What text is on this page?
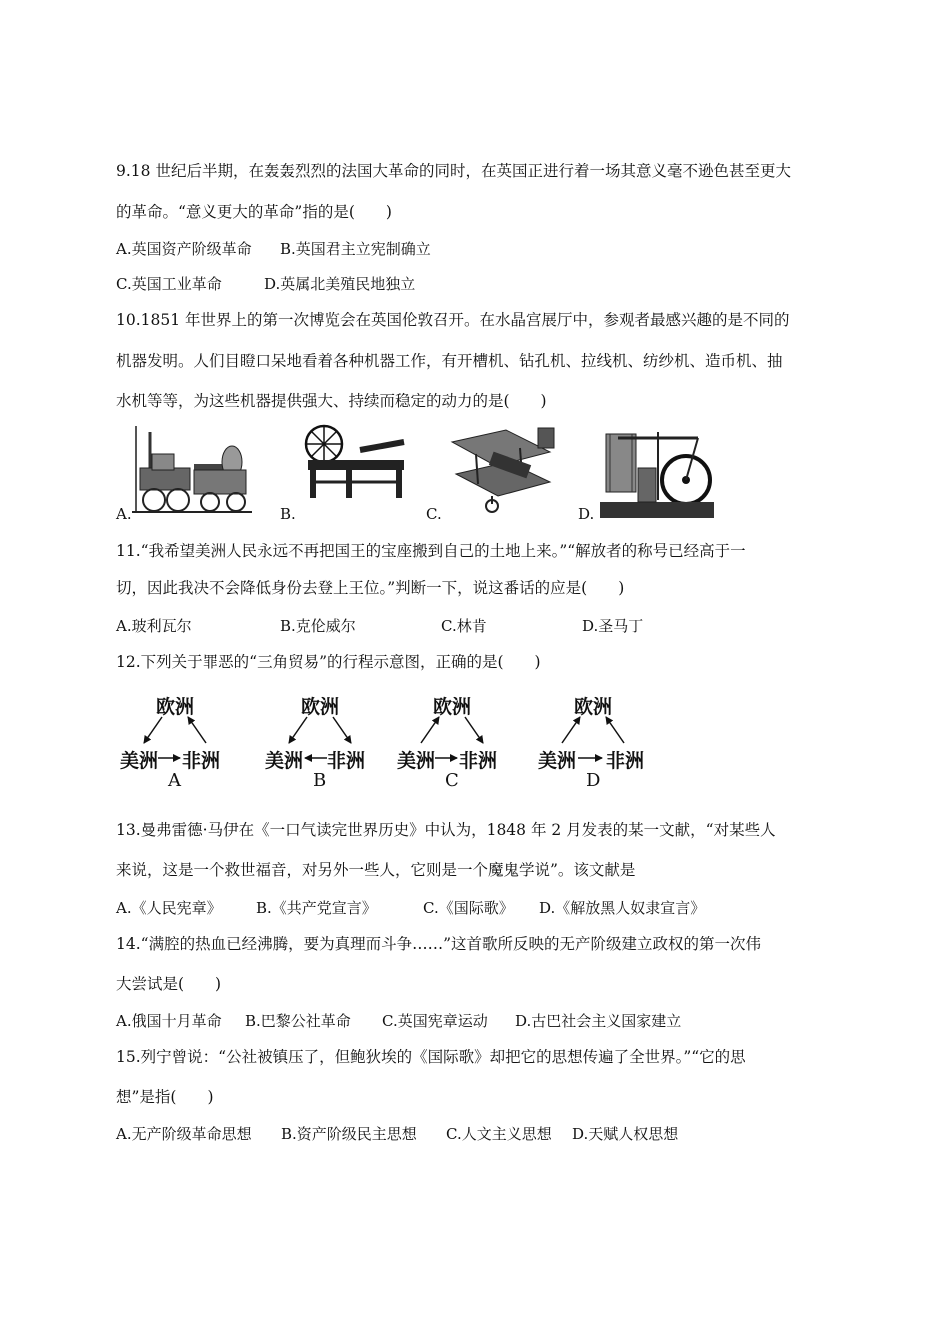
9.18 世纪后半期，在轰轰烈烈的法国大革命的同时，在英国正进行着一场其意义毫不逊色甚至更大
的革命。“意义更大的革命”指的是(　　)
A.英国资产阶级革命 B.英国君主立宪制确立
C.英国工业革命	D.英属北美殖民地独立
10.1851 年世界上的第一次博览会在英国伦敦召开。在水晶宫展厅中，参观者最感兴趣的是不同的
机器发明。人们目瞪口呆地看着各种机器工作，有开槽机、钻孔机、拉线机、纺纱机、造币机、抽
水机等等，为这些机器提供强大、持续而稳定的动力的是(　　)
A.	B.	C.	D.
11.“我希望美洲人民永远不再把国王的宝座搬到自己的土地上来。”“解放者的称号已经高于一
切，因此我决不会降低身份去登上王位。”判断一下，说这番话的应是(　　)
A.玻利瓦尔	B.克伦威尔	C.林肯	D.圣马丁
12.下列关于罪恶的“三角贸易”的行程示意图，正确的是(　　)
欧洲
美洲 非洲
A
欧洲
美洲 非洲
B
欧洲
美洲 非洲
C
欧洲
美洲 非洲
D
13.曼弗雷德·马伊在《一口气读完世界历史》中认为，1848 年 2 月发表的某一文献，“对某些人
来说，这是一个救世福音，对另外一些人，它则是一个魔鬼学说”。该文献是
A.《人民宪章》 B.《共产党宣言》	C.《国际歌》 D.《解放黑人奴隶宣言》
14.“满腔的热血已经沸腾，要为真理而斗争……”这首歌所反映的无产阶级建立政权的第一次伟
大尝试是(　　)
A.俄国十月革命 B.巴黎公社革命 C.英国宪章运动 D.古巴社会主义国家建立
15.列宁曾说：“公社被镇压了，但鲍狄埃的《国际歌》却把它的思想传遍了全世界。”“它的思
想”是指(　　)
A.无产阶级革命思想 B.资产阶级民主思想 C.人文主义思想 D.天赋人权思想
